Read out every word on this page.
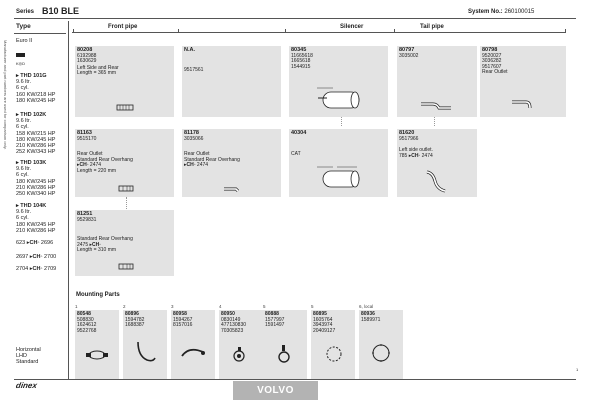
Series B10 BLE	System No.: 260100015
1
Manufacturer and part numbers are used for comparison only.
Type
Euro II
K◎D
▸ THD 101G
9.6 ltr.
6 cyl.
160 KW/218 HP
180 KW/245 HP
▸ THD 102K
9.6 ltr.
6 cyl.
158 KW/215 HP
180 KW/245 HP
210 KW/286 HP
252 KW/343 HP
▸ THD 103K
9.6 ltr.
6 cyl.
180 KW/245 HP
210 KW/286 HP
250 KW/340 HP
▸ THD 104K
9.6 ltr.
6 cyl.
180 KW/245 HP
210 KW/286 HP
623 ▸CH◦ 2696
2697 ▸CH◦ 2700
2704 ▸CH◦ 2709
Horizontal
LHD
Standard
Front pipe	Silencer	Tail pipe
80208
6192988
1630629
Left Side and Rear
Length = 365 mm
N.A.
9517561
80345
11665618
1665618
1544915
80797
3035002
80798
9520027
3036282
9517607
Rear Outlet
81163
9515170
Rear Outlet
Standard Rear Overhang
▸CH◦ 2474
Length = 220 mm
81178
3035066
Rear Outlet
Standard Rear Overhang
▸CH◦ 2474
40304
CAT
81620
9517966
Left side outlet.
785 ▸CH◦ 2474
81251
9529831
Standard Rear Overhang
2475 ▸CH◦
Length = 310 mm
Mounting Parts
1
80548
508830
1624612
9522768
2
80896
1594782
1688387
3
80958
1594267
8157016
4
80950
0830149
477130830
70305823
5
80888
1577997
1591497
5
80895
1605764
3943974
20409127
6, local
80936
1589971
dinex	VOLVO
